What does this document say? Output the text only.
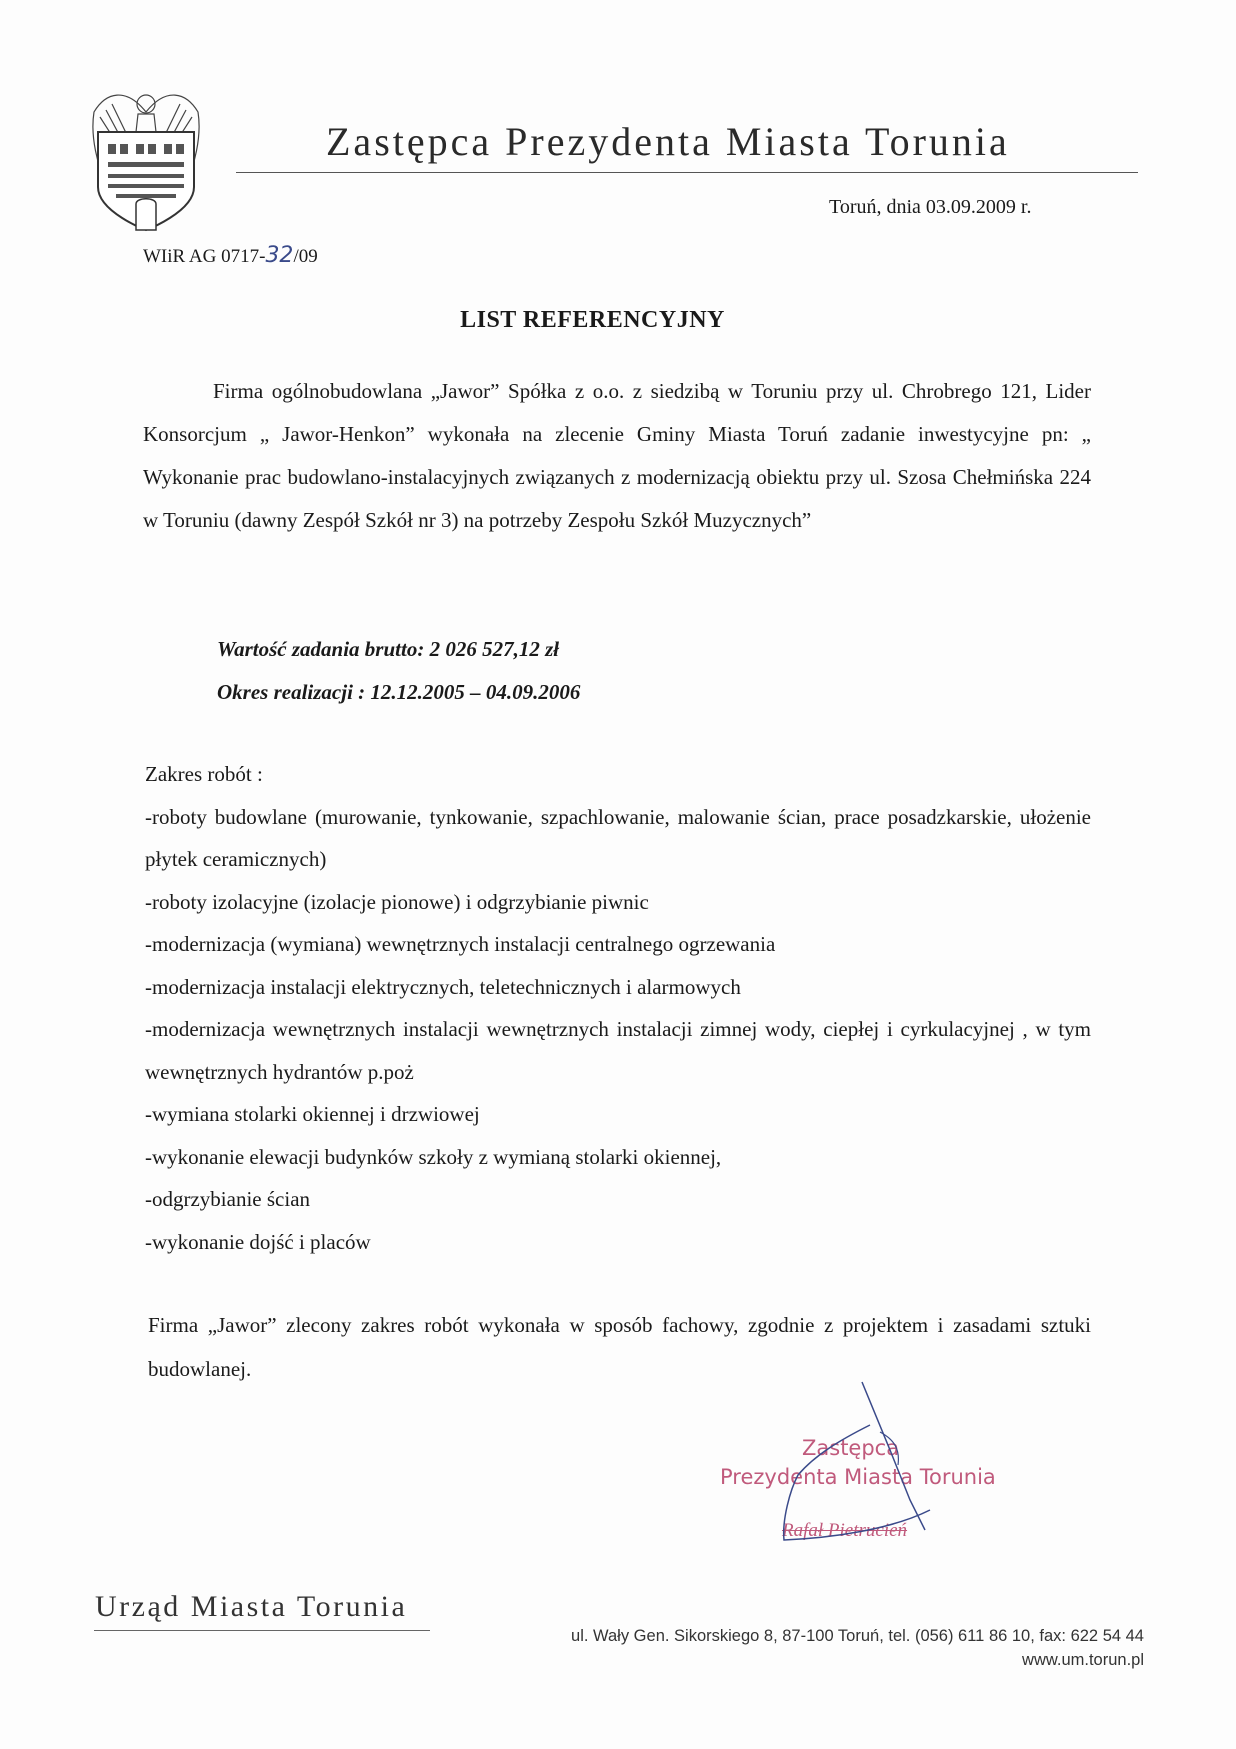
Zastępca Prezydenta Miasta Torunia
Toruń, dnia 03.09.2009 r.
WIiR AG 0717-32/09
LIST REFERENCYJNY

Firma ogólnobudowlana „Jawor” Spółka z o.o. z siedzibą w Toruniu przy ul. Chrobrego 121, Lider Konsorcjum „ Jawor-Henkon” wykonała na zlecenie Gminy Miasta Toruń zadanie inwestycyjne pn: „ Wykonanie prac budowlano-instalacyjnych związanych z modernizacją obiektu przy ul. Szosa Chełmińska 224 w Toruniu (dawny Zespół Szkół nr 3) na potrzeby Zespołu Szkół Muzycznych”

Wartość zadania brutto: 2 026 527,12 zł
Okres realizacji : 12.12.2005 – 04.09.2006
Zakres robót :
-roboty budowlane (murowanie, tynkowanie, szpachlowanie, malowanie ścian, prace posadzkarskie, ułożenie płytek ceramicznych)
-roboty izolacyjne (izolacje pionowe) i odgrzybianie piwnic
-modernizacja (wymiana) wewnętrznych instalacji centralnego ogrzewania
-modernizacja instalacji elektrycznych, teletechnicznych i alarmowych
-modernizacja wewnętrznych instalacji wewnętrznych instalacji zimnej wody, ciepłej i cyrkulacyjnej , w tym wewnętrznych hydrantów p.poż
-wymiana stolarki okiennej i drzwiowej
-wykonanie elewacji budynków szkoły z wymianą stolarki okiennej,
-odgrzybianie ścian
-wykonanie dojść i placów
Firma „Jawor” zlecony zakres robót wykonała w sposób fachowy, zgodnie z projektem i zasadami sztuki budowlanej.
Zastępca
Prezydenta Miasta Torunia
Rafał Pietrucień
Urząd Miasta Torunia
ul. Wały Gen. Sikorskiego 8, 87-100 Toruń, tel. (056) 611 86 10, fax: 622 54 44
www.um.torun.pl
